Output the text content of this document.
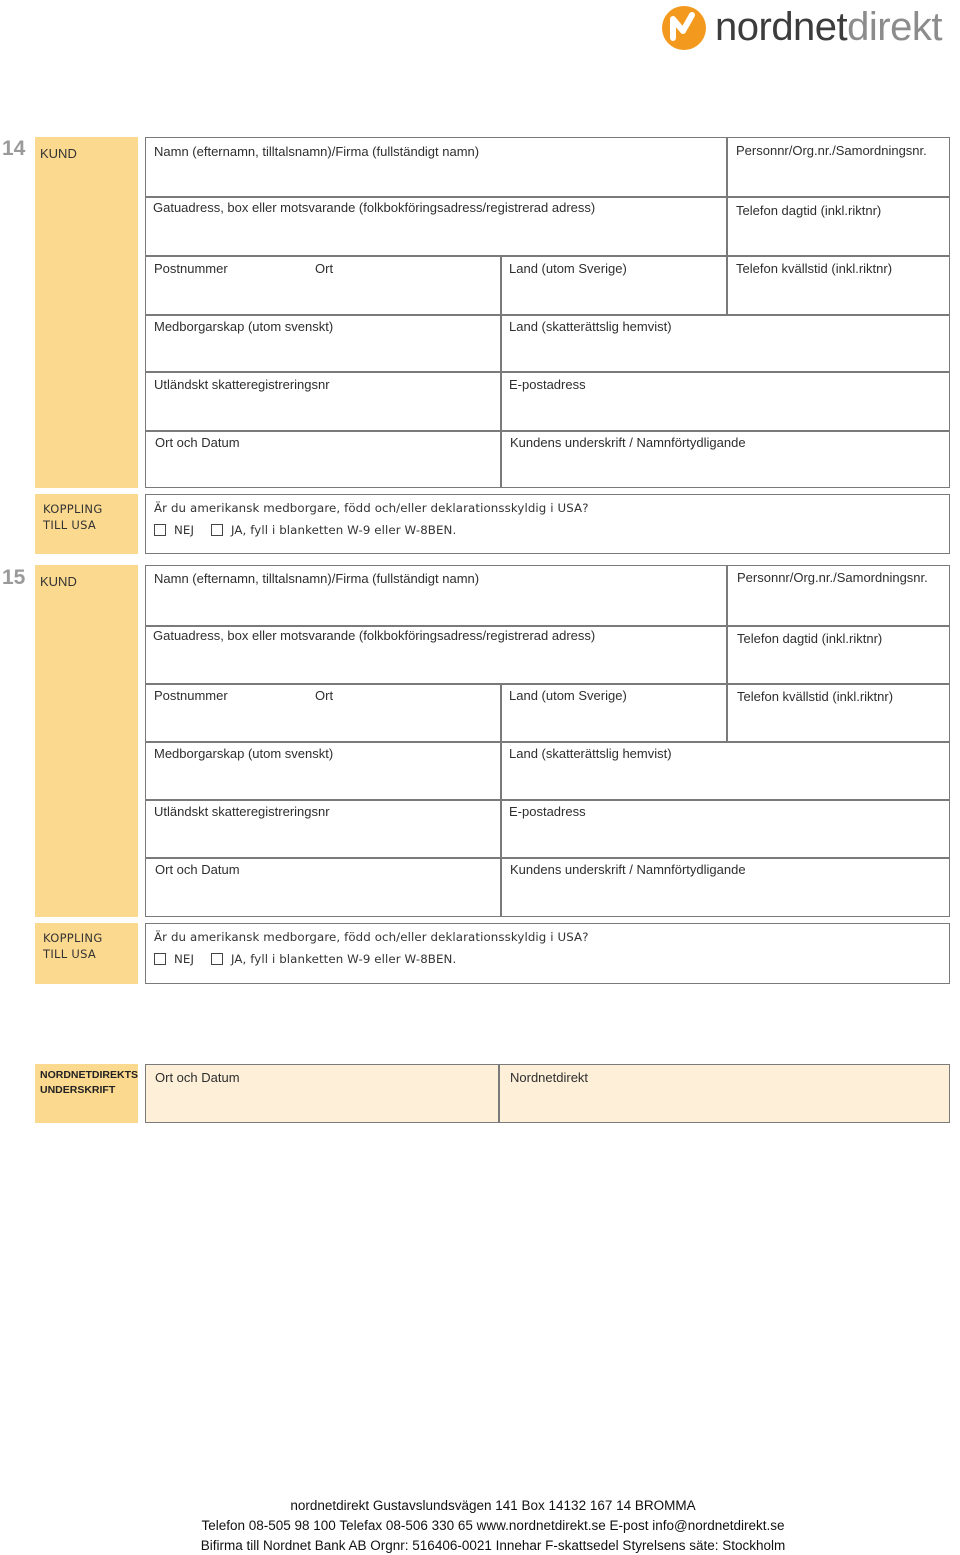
nordnetdirekt
14 KUND	Namn (efternamn, tilltalsnamn)/Firma (fullständigt namn)	Personnr/Org.nr./Samordningsnr.
Gatuadress, box eller motsvarande (folkbokföringsadress/registrerad adress)	Telefon dagtid (inkl.riktnr)
Postnummer	Ort	Land (utom Sverige)	Telefon kvällstid (inkl.riktnr)
Medborgarskap (utom svenskt)	Land (skatterättslig hemvist)
Utländskt skatteregistreringsnr	E-postadress
Ort och Datum	Kundens underskrift / Namnförtydligande
KOPPLING
TILL USA
Är du amerikansk medborgare, född och/eller deklarationsskyldig i USA?
NEJ	JA, fyll i blanketten W-9 eller W-8BEN.
15 KUND	Namn (efternamn, tilltalsnamn)/Firma (fullständigt namn)	Personnr/Org.nr./Samordningsnr.
Gatuadress, box eller motsvarande (folkbokföringsadress/registrerad adress)	Telefon dagtid (inkl.riktnr)
Postnummer	Ort	Land (utom Sverige)	Telefon kvällstid (inkl.riktnr)
Medborgarskap (utom svenskt)	Land (skatterättslig hemvist)
Utländskt skatteregistreringsnr	E-postadress
Ort och Datum	Kundens underskrift / Namnförtydligande
KOPPLING
TILL USA
Är du amerikansk medborgare, född och/eller deklarationsskyldig i USA?
NEJ	JA, fyll i blanketten W-9 eller W-8BEN.
NORDNETDIREKTS
UNDERSKRIFT
Ort och Datum	Nordnetdirekt
nordnetdirekt Gustavslundsvägen 141 Box 14132 167 14 BROMMA
Telefon 08-505 98 100 Telefax 08-506 330 65 www.nordnetdirekt.se E-post info@nordnetdirekt.se
Bifirma till Nordnet Bank AB Orgnr: 516406-0021 Innehar F-skattsedel Styrelsens säte: Stockholm
